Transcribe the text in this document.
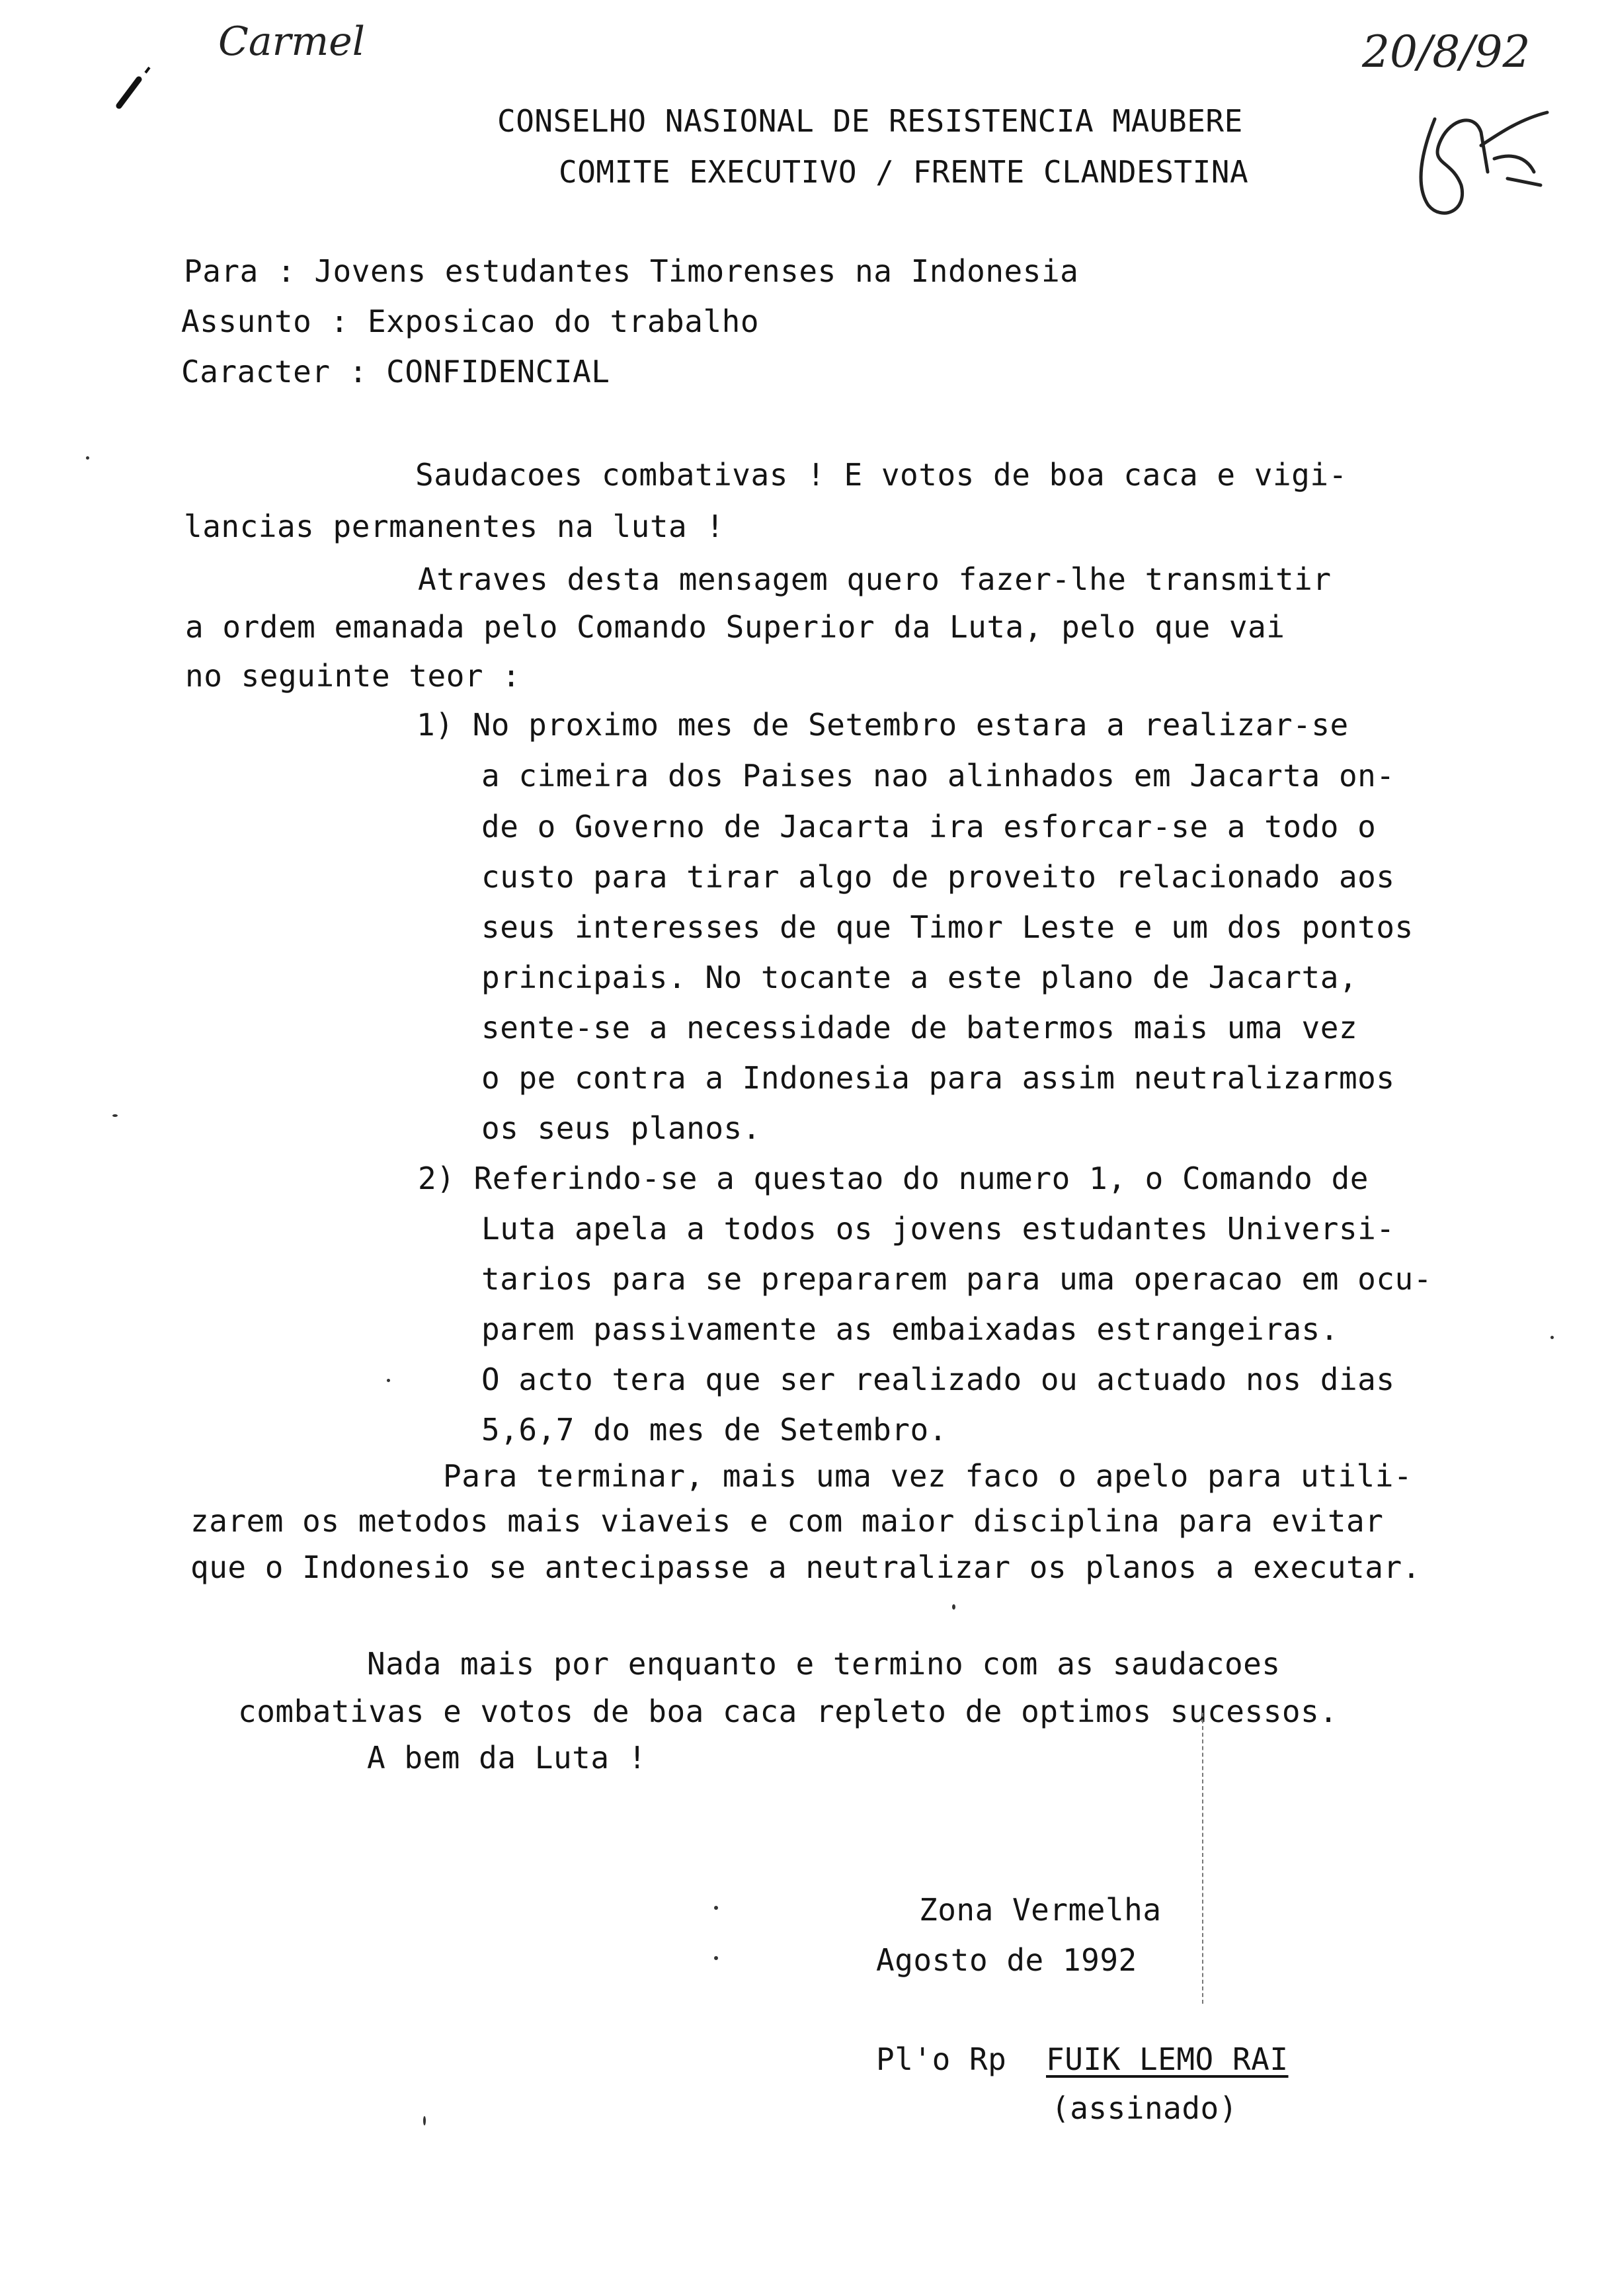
Carmel	20/8/92
CONSELHO NASIONAL DE RESISTENCIA MAUBERE
COMITE EXECUTIVO / FRENTE CLANDESTINA
Para : Jovens estudantes Timorenses na Indonesia
Assunto : Exposicao do trabalho
Caracter : CONFIDENCIAL
Saudacoes combativas ! E votos de boa caca e vigi-
lancias permanentes na luta !
Atraves desta mensagem quero fazer-lhe transmitir
a ordem emanada pelo Comando Superior da Luta, pelo que vai
no seguinte teor :
1) No proximo mes de Setembro estara a realizar-se
a cimeira dos Paises nao alinhados em Jacarta on-
de o Governo de Jacarta ira esforcar-se a todo o
custo para tirar algo de proveito relacionado aos
seus interesses de que Timor Leste e um dos pontos
principais. No tocante a este plano de Jacarta,
sente-se a necessidade de batermos mais uma vez
o pe contra a Indonesia para assim neutralizarmos
os seus planos.
2) Referindo-se a questao do numero 1, o Comando de
Luta apela a todos os jovens estudantes Universi-
tarios para se prepararem para uma operacao em ocu-
parem passivamente as embaixadas estrangeiras.
O acto tera que ser realizado ou actuado nos dias
5,6,7 do mes de Setembro.
Para terminar, mais uma vez faco o apelo para utili-
zarem os metodos mais viaveis e com maior disciplina para evitar
que o Indonesio se antecipasse a neutralizar os planos a executar.
Nada mais por enquanto e termino com as saudacoes
combativas e votos de boa caca repleto de optimos sucessos.
A bem da Luta !
Zona Vermelha
Agosto de 1992
Pl'o Rp FUIK LEMO RAI
(assinado)
